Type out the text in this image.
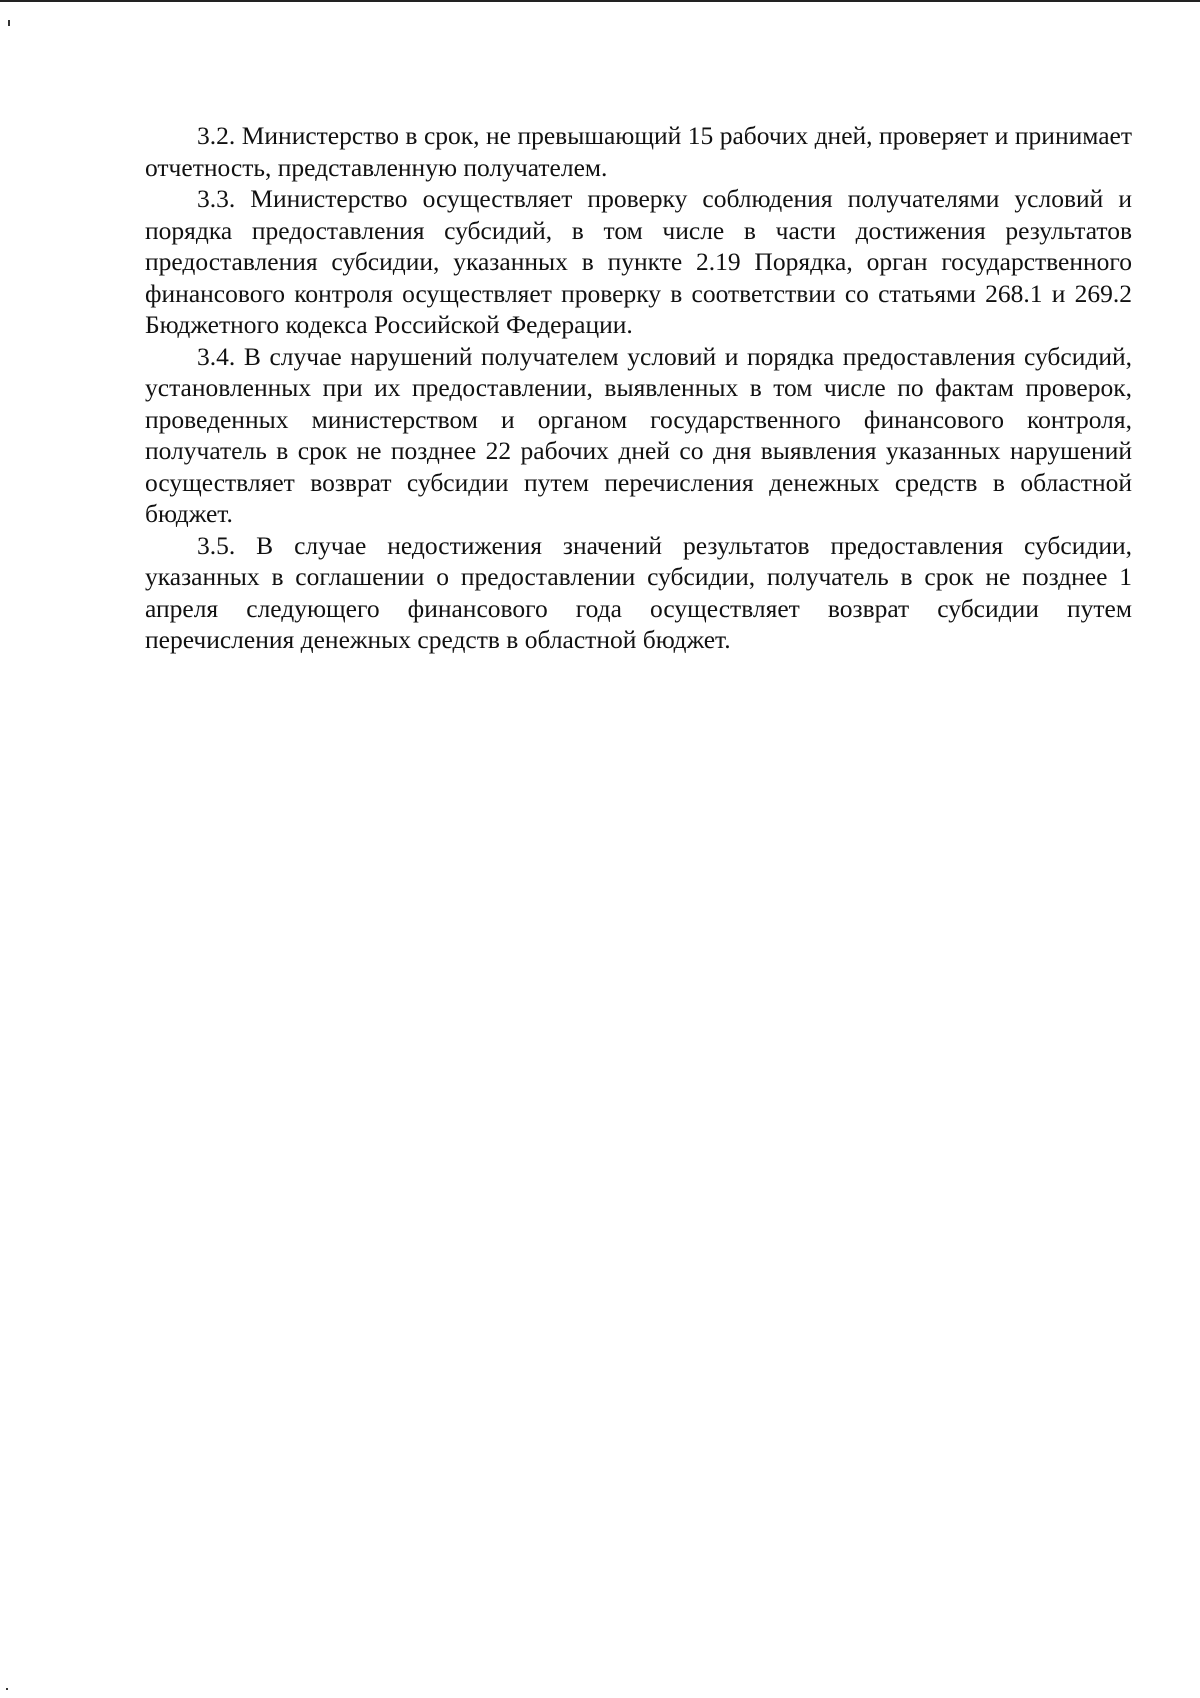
3.2. Министерство в срок, не превышающий 15 рабочих дней, проверяет и принимает отчетность, представленную получателем.

3.3. Министерство осуществляет проверку соблюдения получателями условий и порядка предоставления субсидий, в том числе в части достижения результатов предоставления субсидии, указанных в пункте 2.19 Порядка, орган государственного финансового контроля осуществляет проверку в соответствии со статьями 268.1 и 269.2 Бюджетного кодекса Российской Федерации.

3.4. В случае нарушений получателем условий и порядка предоставления субсидий, установленных при их предоставлении, выявленных в том числе по фактам проверок, проведенных министерством и органом государственного финансового контроля, получатель в срок не позднее 22 рабочих дней со дня выявления указанных нарушений осуществляет возврат субсидии путем перечисления денежных средств в областной бюджет.

3.5. В случае недостижения значений результатов предоставления субсидии, указанных в соглашении о предоставлении субсидии, получатель в срок не позднее 1 апреля следующего финансового года осуществляет возврат субсидии путем перечисления денежных средств в областной бюджет.
